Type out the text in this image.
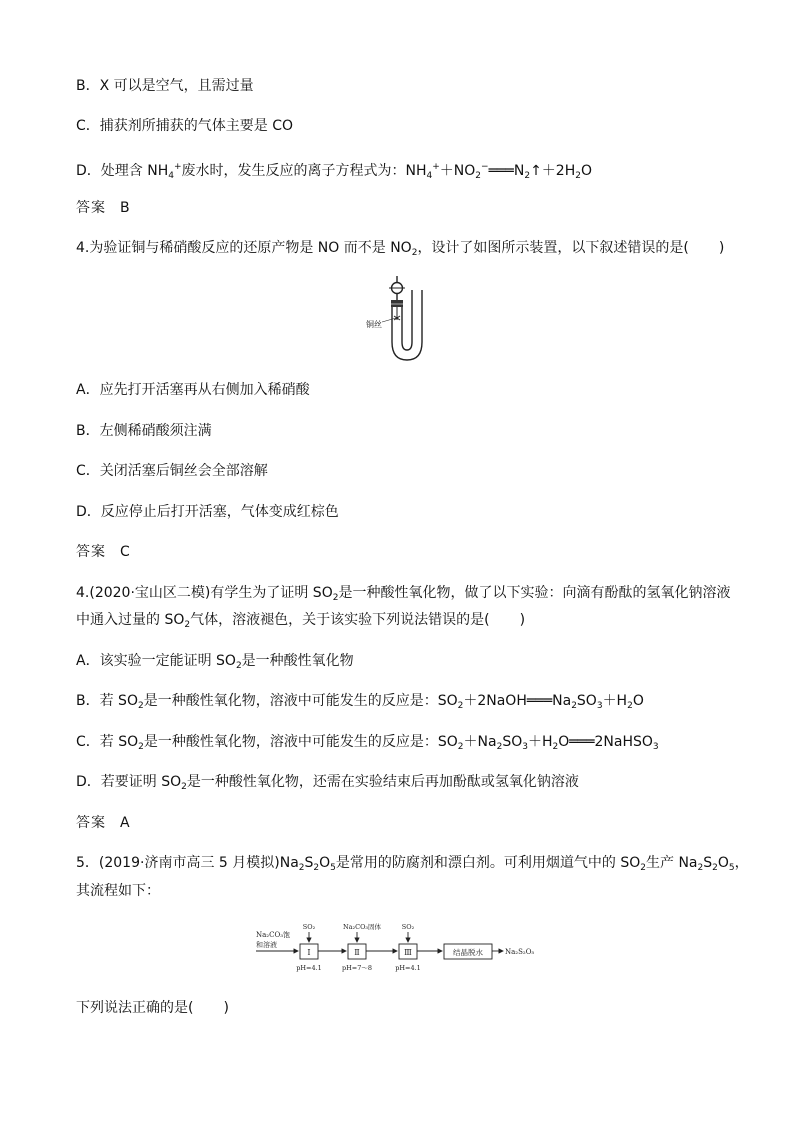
B．X 可以是空气，且需过量
C．捕获剂所捕获的气体主要是 CO
D．处理含 $NH_4^+$废水时，发生反应的离子方程式为：$NH_4^++NO_2^-═══N_2↑+2H_2O$
答案 B
4.为验证铜与稀硝酸反应的还原产物是 NO 而不是 $NO_2$，设计了如图所示装置，以下叙述错误的是( )
铜丝
A．应先打开活塞再从右侧加入稀硝酸
B．左侧稀硝酸须注满
C．关闭活塞后铜丝会全部溶解
D．反应停止后打开活塞，气体变成红棕色
答案 C
4.(2020·宝山区二模)有学生为了证明 $SO_2$是一种酸性氧化物，做了以下实验：向滴有酚酞的氢氧化钠溶液
中通入过量的 $SO_2$气体，溶液褪色，关于该实验下列说法错误的是( )
A．该实验一定能证明 $SO_2$是一种酸性氧化物
B．若 $SO_2$是一种酸性氧化物，溶液中可能发生的反应是：$SO_2+2NaOH═══Na_2SO_3+H_2O$
C．若 $SO_2$是一种酸性氧化物，溶液中可能发生的反应是：$SO_2+Na_2SO_3+H_2O═══2NaHSO_3$
D．若要证明 $SO_2$是一种酸性氧化物，还需在实验结束后再加酚酞或氢氧化钠溶液
答案 A
5．(2019·济南市高三 5 月模拟)$Na_2S_2O_5$是常用的防腐剂和漂白剂。可利用烟道气中的 $SO_2$生产 $Na_2S_2O_5$，
其流程如下：
Na₂CO₃饱
和溶液
Ⅰ
SO₂
pH=4.1
Ⅱ
Na₂CO₃固体
pH=7～8
Ⅲ
SO₂
pH=4.1
结晶脱水	Na₂S₂O₅
下列说法正确的是( )
